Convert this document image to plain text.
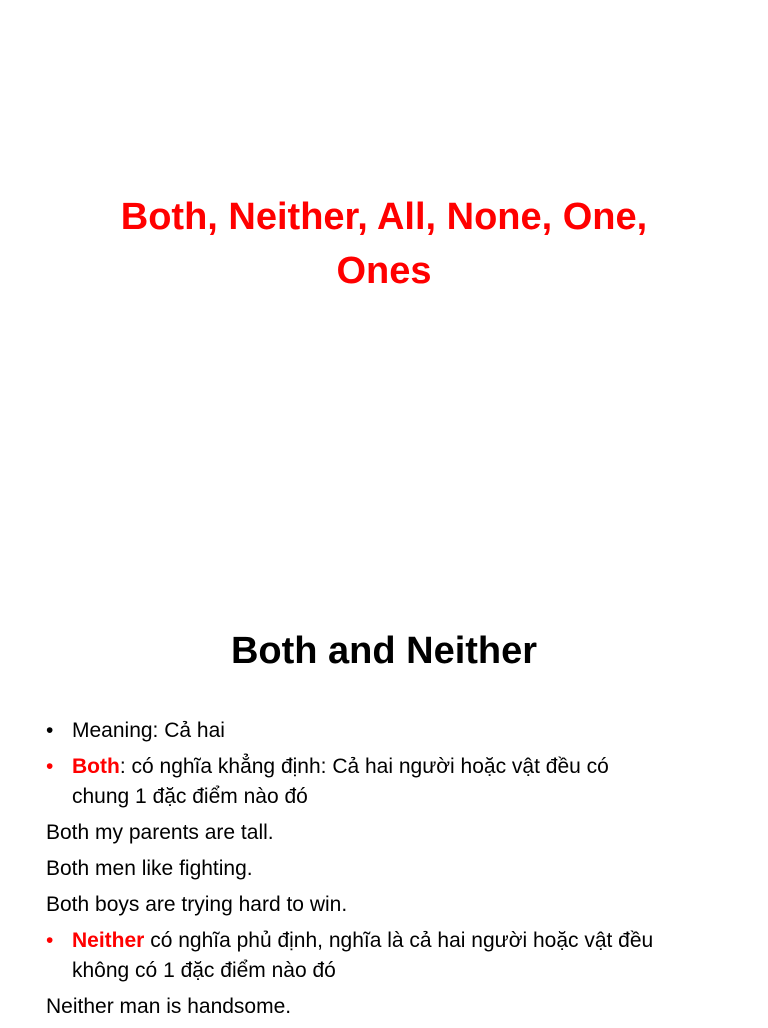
Both, Neither, All, None, One,
Ones
Both and Neither
• Meaning: Cả hai
• Both: có nghĩa khẳng định: Cả hai người hoặc vật đều có
chung 1 đặc điểm nào đó
Both my parents are tall.
Both men like fighting.
Both boys are trying hard to win.
• Neither có nghĩa phủ định, nghĩa là cả hai người hoặc vật đều
không có 1 đặc điểm nào đó
Neither man is handsome.
